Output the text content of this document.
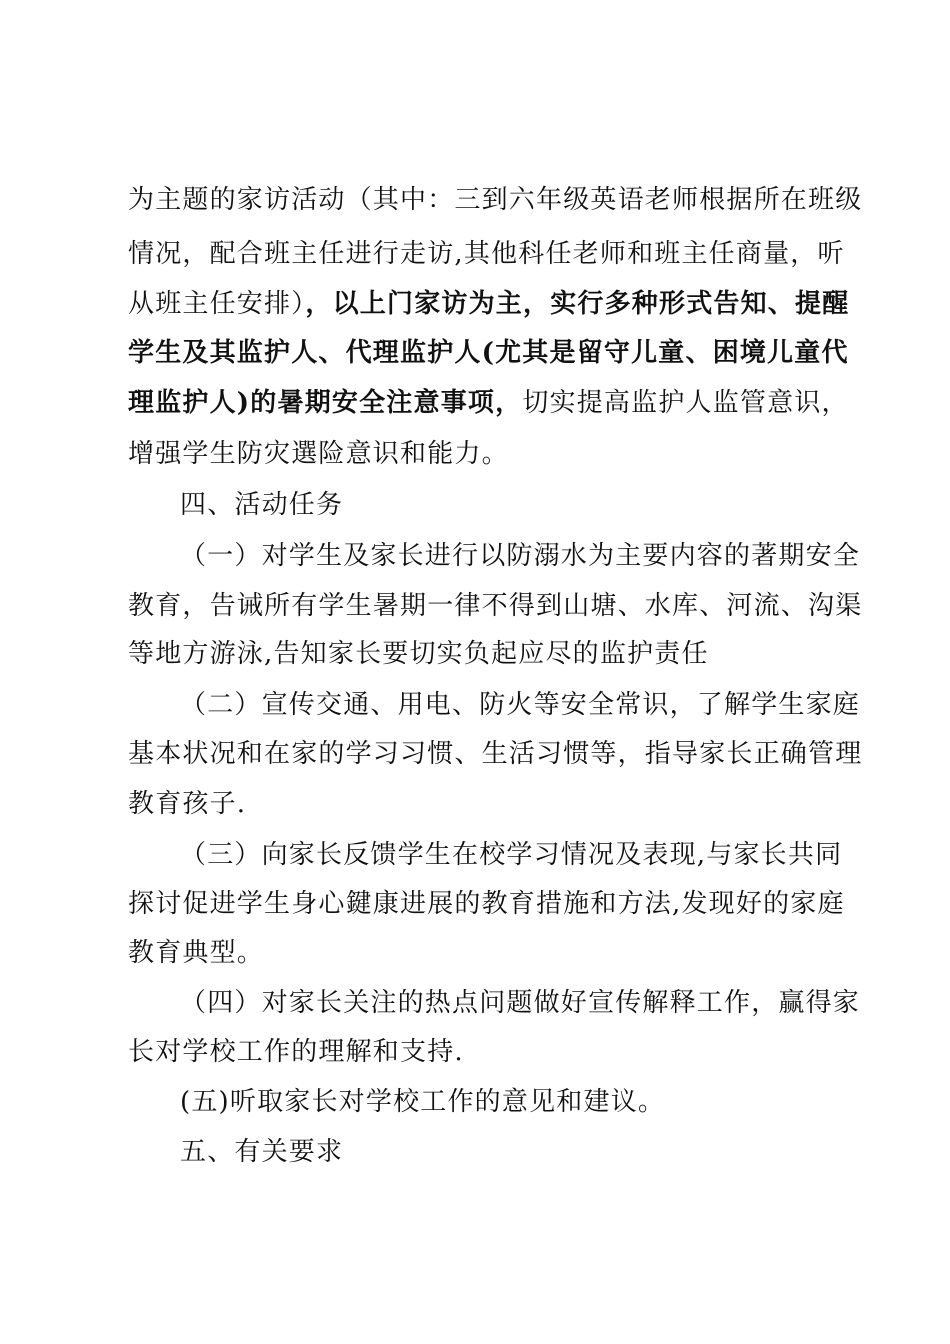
为主题的家访活动（其中：三到六年级英语老师根据所在班级
情况，配合班主任进行走访,其他科任老师和班主任商量，听
从班主任安排），以上门家访为主，实行多种形式告知、提醒
学生及其监护人、代理监护人(尤其是留守儿童、困境儿童代
理监护人)的暑期安全注意事项，切实提高监护人监管意识，
增强学生防灾選险意识和能力。
四、活动任务
（一）对学生及家长进行以防溺水为主要内容的著期安全
教育，告诫所有学生暑期一律不得到山塘、水库、河流、沟渠
等地方游泳,告知家长要切实负起应尽的监护责任
（二）宣传交通、用电、防火等安全常识，了解学生家庭
基本状况和在家的学习习惯、生活习惯等，指导家长正确管理
教育孩子.
（三）向家长反馈学生在校学习情况及表现,与家长共同
探讨促进学生身心鍵康进展的教育措施和方法,发现好的家庭
教育典型。
（四）对家长关注的热点问题做好宣传解释工作，赢得家
长对学校工作的理解和支持.
(五)听取家长对学校工作的意见和建议。
五、有关要求
